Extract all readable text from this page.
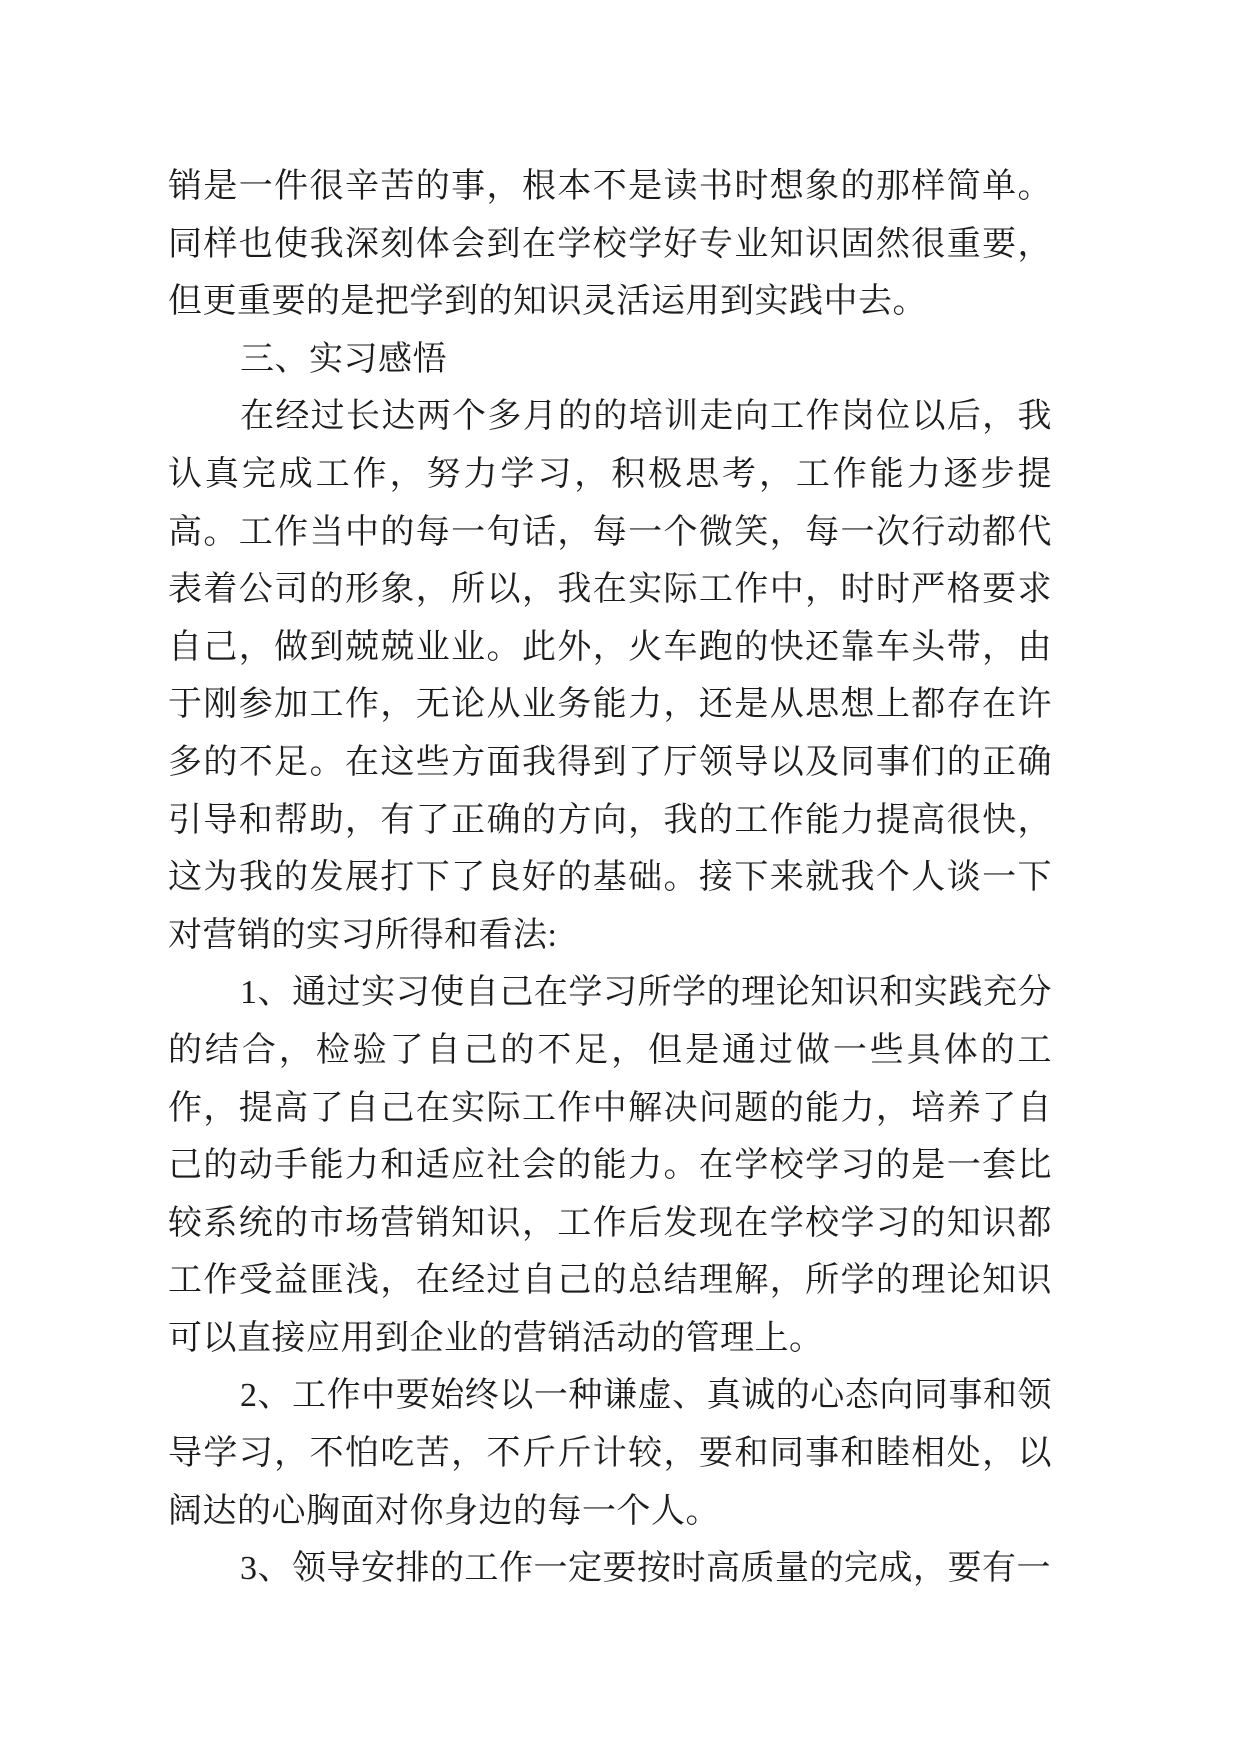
销是一件很辛苦的事，根本不是读书时想象的那样简单。同样也使我深刻体会到在学校学好专业知识固然很重要，但更重要的是把学到的知识灵活运用到实践中去。

三、实习感悟

在经过长达两个多月的的培训走向工作岗位以后，我认真完成工作，努力学习，积极思考，工作能力逐步提高。工作当中的每一句话，每一个微笑，每一次行动都代表着公司的形象，所以，我在实际工作中，时时严格要求自己，做到兢兢业业。此外，火车跑的快还靠车头带，由于刚参加工作，无论从业务能力，还是从思想上都存在许多的不足。在这些方面我得到了厅领导以及同事们的正确引导和帮助，有了正确的方向，我的工作能力提高很快，这为我的发展打下了良好的基础。接下来就我个人谈一下对营销的实习所得和看法:

1、通过实习使自己在学习所学的理论知识和实践充分的结合，检验了自己的不足，但是通过做一些具体的工作，提高了自己在实际工作中解决问题的能力，培养了自己的动手能力和适应社会的能力。在学校学习的是一套比较系统的市场营销知识，工作后发现在学校学习的知识都工作受益匪浅，在经过自己的总结理解，所学的理论知识可以直接应用到企业的营销活动的管理上。

2、工作中要始终以一种谦虚、真诚的心态向同事和领导学习，不怕吃苦，不斤斤计较，要和同事和睦相处，以阔达的心胸面对你身边的每一个人。

3、领导安排的工作一定要按时高质量的完成，要有一
